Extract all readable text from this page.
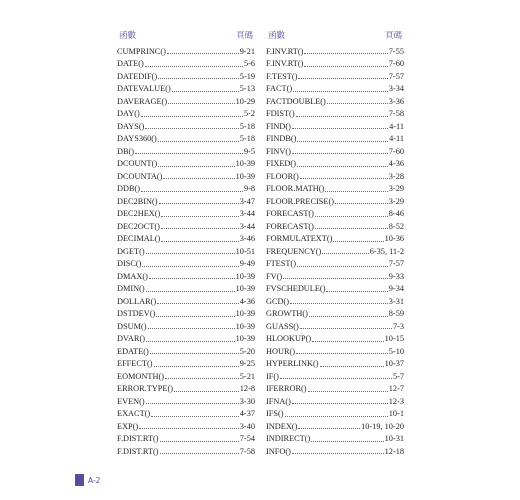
函數	頁碼
CUMPRINC()	9-21
DATE()	5-6
DATEDIF()	5-19
DATEVALUE()	5-13
DAVERAGE()	10-29
DAY()	5-2
DAYS()	5-18
DAYS360()	5-18
DB()	9-5
DCOUNT()	10-39
DCOUNTA()	10-39
DDB()	9-8
DEC2BIN()	3-47
DEC2HEX()	3-44
DEC2OCT()	3-44
DECIMAL()	3-46
DGET()	10-51
DISC()	9-49
DMAX()	10-39
DMIN()	10-39
DOLLAR()	4-36
DSTDEV()	10-39
DSUM()	10-39
DVAR()	10-39
EDATE()	5-20
EFFECT()	9-25
EOMONTH()	5-21
ERROR.TYPE()	12-8
EVEN()	3-30
EXACT()	4-37
EXP()	3-40
F.DIST.RT()	7-54
F.DIST.RT()	7-58
函數	頁碼
F.INV.RT()	7-55
F.INV.RT()	7-60
F.TEST()	7-57
FACT()	3-34
FACTDOUBLE()	3-36
FDIST()	7-58
FIND()	4-11
FINDB()	4-11
FINV()	7-60
FIXED()	4-36
FLOOR()	3-28
FLOOR.MATH()	3-29
FLOOR.PRECISE()	3-29
FORECAST()	8-46
FORECAST()	8-52
FORMULATEXT()	10-36
FREQUENCY()	6-35, 11-2
FTEST()	7-57
FV()	9-33
FVSCHEDULE()	9-34
GCD()	3-31
GROWTH()	8-59
GUASS()	7-3
HLOOKUP()	10-15
HOUR()	5-10
HYPERLINK()	10-37
IF()	5-7
IFERROR()	12-7
IFNA()	12-3
IFS()	10-1
INDEX()	10-19, 10-20
INDIRECT()	10-31
INFO()	12-18
A-2
